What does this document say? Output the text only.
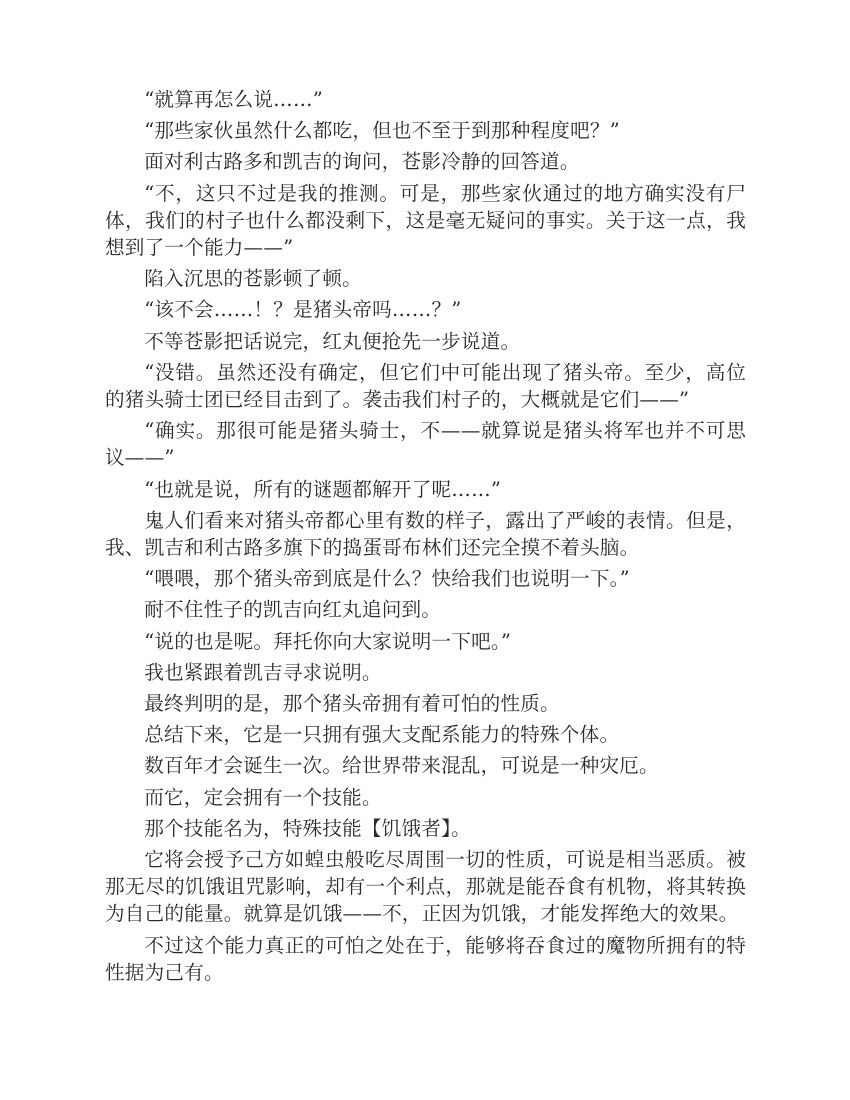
“就算再怎么说……”

“那些家伙虽然什么都吃，但也不至于到那种程度吧？”

面对利古路多和凯吉的询问，苍影冷静的回答道。

“不，这只不过是我的推测。可是，那些家伙通过的地方确实没有尸体，我们的村子也什么都没剩下，这是毫无疑问的事实。关于这一点，我想到了一个能力——”

陷入沉思的苍影顿了顿。

“该不会……！？是猪头帝吗……？”

不等苍影把话说完，红丸便抢先一步说道。

“没错。虽然还没有确定，但它们中可能出现了猪头帝。至少，高位的猪头骑士团已经目击到了。袭击我们村子的，大概就是它们——”

“确实。那很可能是猪头骑士，不——就算说是猪头将军也并不可思议——”

“也就是说，所有的谜题都解开了呢……”

鬼人们看来对猪头帝都心里有数的样子，露出了严峻的表情。但是，我、凯吉和利古路多旗下的捣蛋哥布林们还完全摸不着头脑。

“喂喂，那个猪头帝到底是什么？快给我们也说明一下。”

耐不住性子的凯吉向红丸追问到。

“说的也是呢。拜托你向大家说明一下吧。”

我也紧跟着凯吉寻求说明。

最终判明的是，那个猪头帝拥有着可怕的性质。

总结下来，它是一只拥有强大支配系能力的特殊个体。

数百年才会诞生一次。给世界带来混乱，可说是一种灾厄。

而它，定会拥有一个技能。

那个技能名为，特殊技能【饥饿者】。

它将会授予己方如蝗虫般吃尽周围一切的性质，可说是相当恶质。被那无尽的饥饿诅咒影响，却有一个利点，那就是能吞食有机物，将其转换为自己的能量。就算是饥饿——不，正因为饥饿，才能发挥绝大的效果。

不过这个能力真正的可怕之处在于，能够将吞食过的魔物所拥有的特性据为己有。
